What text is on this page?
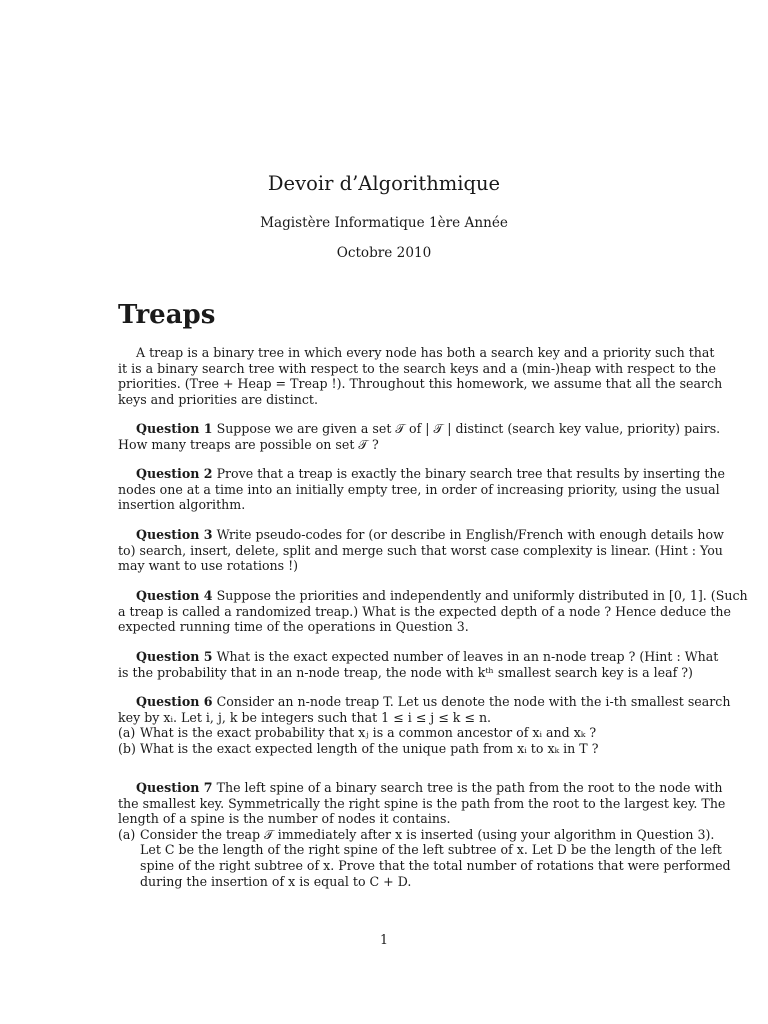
Devoir d’Algorithmique
Magistère Informatique 1ère Année
Octobre 2010
Treaps
A treap is a binary tree in which every node has both a search key and a priority such that
it is a binary search tree with respect to the search keys and a (min-)heap with respect to the
priorities. (Tree + Heap = Treap !). Throughout this homework, we assume that all the search
keys and priorities are distinct.
Question 1 Suppose we are given a set 𝒯 of | 𝒯 | distinct (search key value, priority) pairs.
How many treaps are possible on set 𝒯 ?
Question 2 Prove that a treap is exactly the binary search tree that results by inserting the
nodes one at a time into an initially empty tree, in order of increasing priority, using the usual
insertion algorithm.
Question 3 Write pseudo-codes for (or describe in English/French with enough details how
to) search, insert, delete, split and merge such that worst case complexity is linear. (Hint : You
may want to use rotations !)
Question 4 Suppose the priorities and independently and uniformly distributed in [0, 1]. (Such
a treap is called a randomized treap.) What is the expected depth of a node ? Hence deduce the
expected running time of the operations in Question 3.
Question 5 What is the exact expected number of leaves in an n-node treap ? (Hint : What
is the probability that in an n-node treap, the node with kᵗʰ smallest search key is a leaf ?)
Question 6 Consider an n-node treap T. Let us denote the node with the i-th smallest search
key by xᵢ. Let i, j, k be integers such that 1 ≤ i ≤ j ≤ k ≤ n.
(a) What is the exact probability that xⱼ is a common ancestor of xᵢ and xₖ ?
(b) What is the exact expected length of the unique path from xᵢ to xₖ in T ?
Question 7 The left spine of a binary search tree is the path from the root to the node with
the smallest key. Symmetrically the right spine is the path from the root to the largest key. The
length of a spine is the number of nodes it contains.
(a) Consider the treap 𝒯 immediately after x is inserted (using your algorithm in Question 3).
Let C be the length of the right spine of the left subtree of x. Let D be the length of the left
spine of the right subtree of x. Prove that the total number of rotations that were performed
during the insertion of x is equal to C + D.
1
